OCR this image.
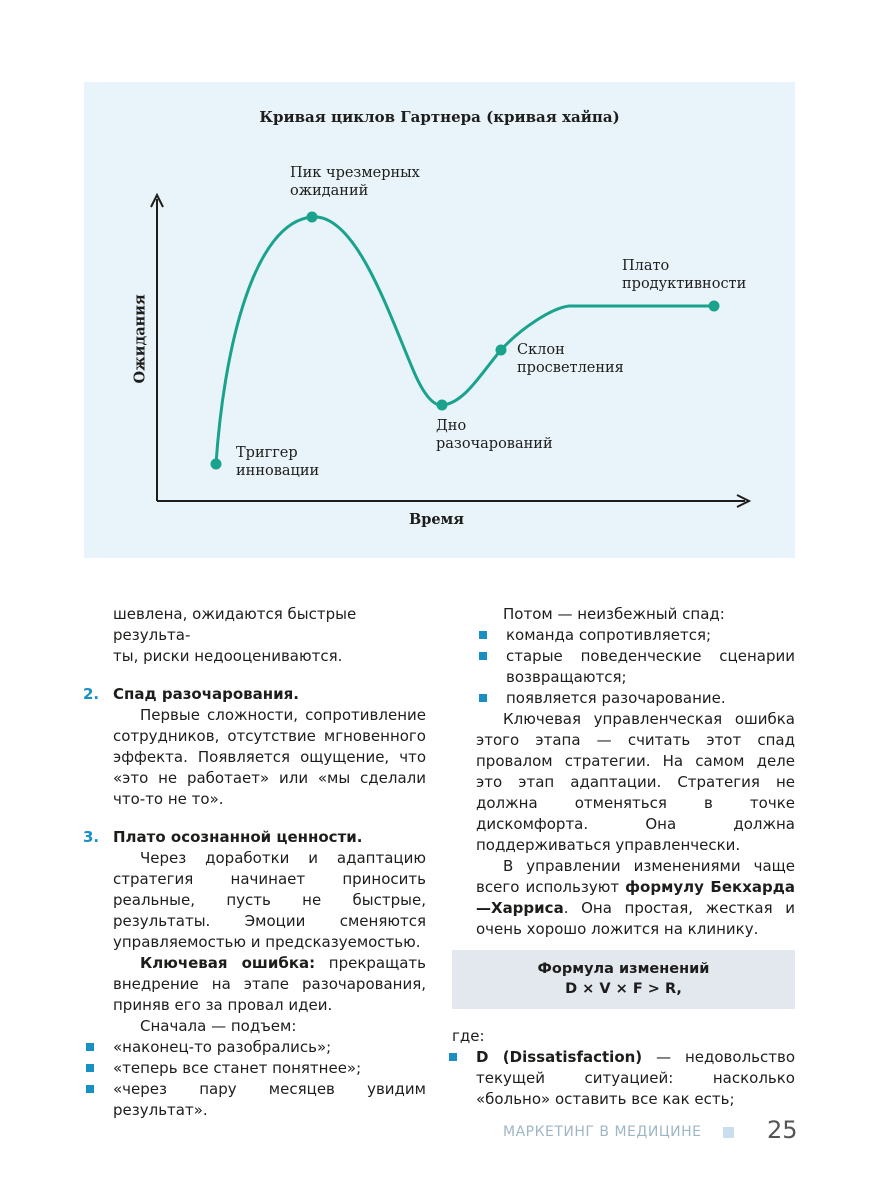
Кривая циклов Гартнера (кривая хайпа)
Пик чрезмерных
ожиданий
Плато
продуктивности
Склон
просветления
Дно
разочарований
Триггер
инновации
Время
Ожидания
шевлена, ожидаются быстрые результа-
ты, риски недооцениваются.
2. Спад разочарования.
Первые сложности, сопротивление сотрудников, отсутствие мгновенного эффекта. Появляется ощущение, что «это не работает» или «мы сделали что-то не то».
3. Плато осознанной ценности.
Через доработки и адаптацию стратегия начинает приносить реальные, пусть не быстрые, результаты. Эмоции сменяются управляемостью и предсказуемостью.
Ключевая ошибка: прекращать внедрение на этапе разочарования, приняв его за провал идеи.
Сначала — подъем:
«наконец-то разобрались»;
«теперь все станет понятнее»;
«через пару месяцев увидим результат».
Потом — неизбежный спад:
команда сопротивляется;
старые поведенческие сценарии возвращаются;
появляется разочарование.
Ключевая управленческая ошибка этого этапа — считать этот спад провалом стратегии. На самом деле это этап адаптации. Стратегия не должна отменяться в точке дискомфорта. Она должна поддерживаться управленчески.
В управлении изменениями чаще всего используют формулу Бекхарда—Харриса. Она простая, жесткая и очень хорошо ложится на клинику.
Формула изменений
D × V × F > R,
где:
D (Dissatisfaction) — недовольство текущей ситуацией: насколько «больно» оставить все как есть;
МАРКЕТИНГ В МЕДИЦИНЕ	25
